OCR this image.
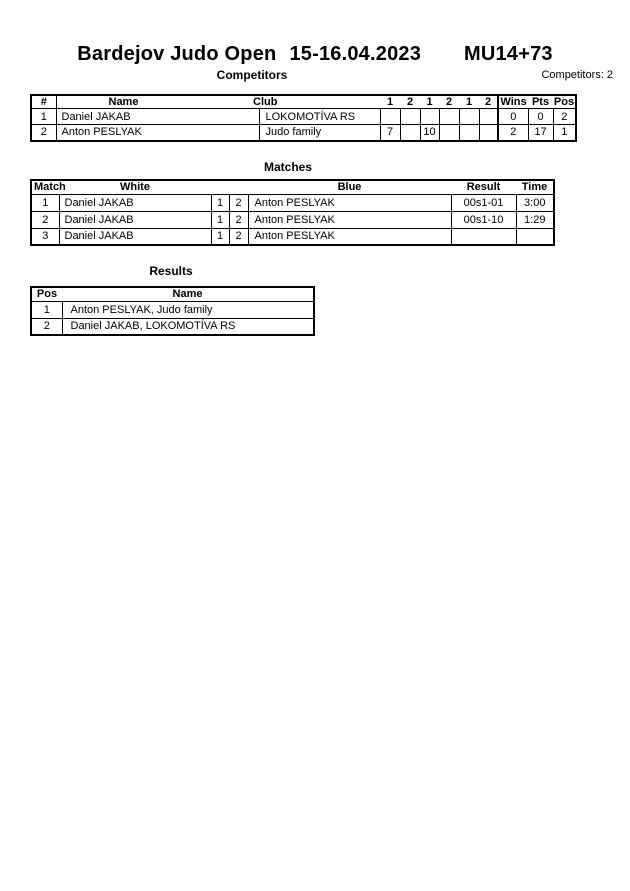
Bardejov Judo Open 15-16.04.2023 MU14+73
Competitors	Competitors: 2
#	Name	Club	1	2	1	2	1	2	Wins	Pts	Pos
1	Daniel JAKAB	LOKOMOTÍVA RS							0	0	2
2	Anton PESLYAK	Judo family	7		10				2	17	1
Matches
Match	White			Blue	Result	Time
1	Daniel JAKAB	1	2	Anton PESLYAK	00s1-01	3:00
2	Daniel JAKAB	1	2	Anton PESLYAK	00s1-10	1:29
3	Daniel JAKAB	1	2	Anton PESLYAK		
Results
Pos	Name
1	Anton PESLYAK, Judo family
2	Daniel JAKAB, LOKOMOTÍVA RS
